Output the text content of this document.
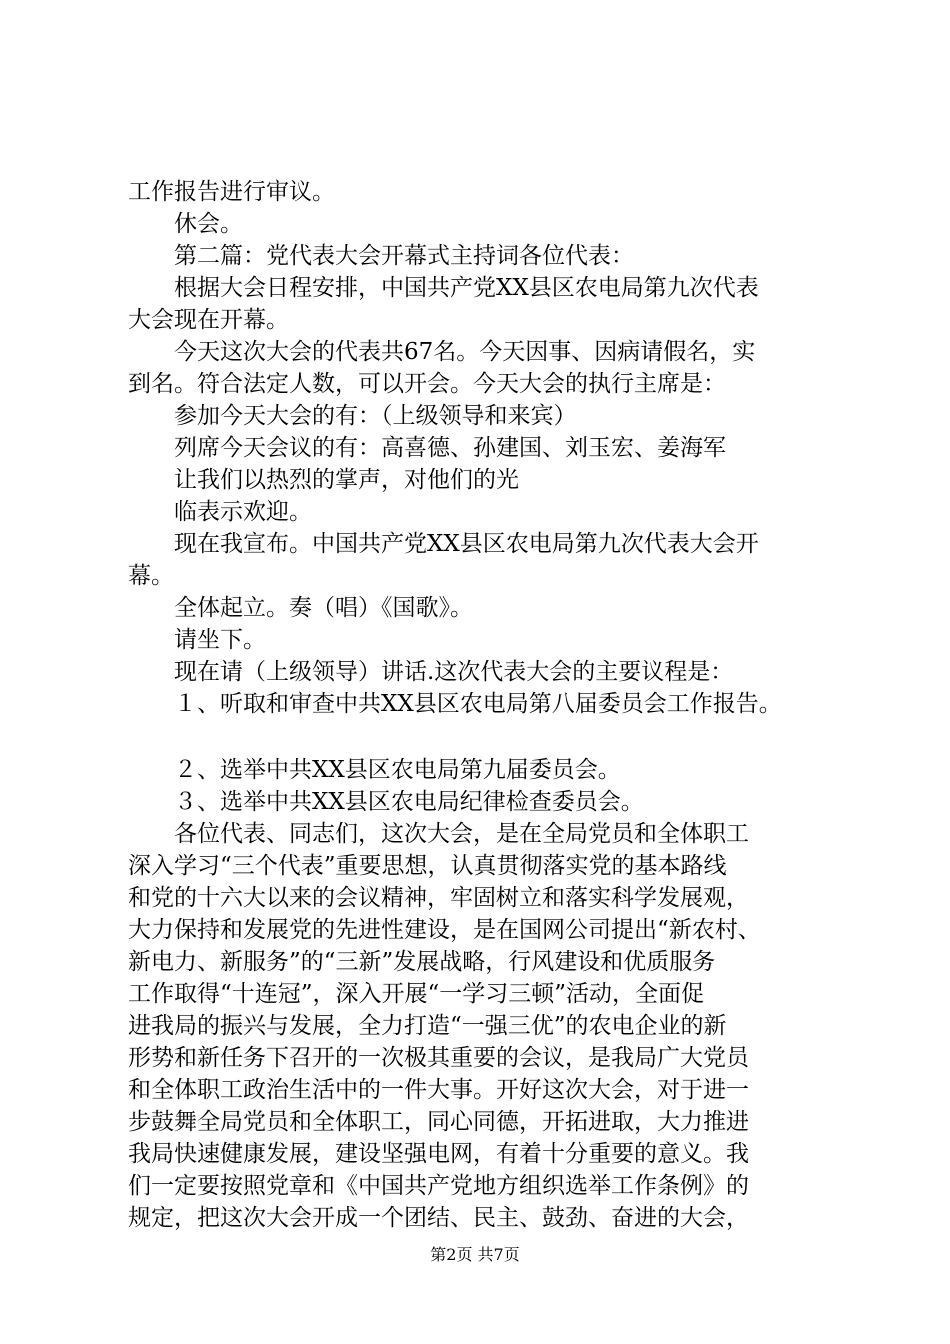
工作报告进行审议。
休会。
第二篇：党代表大会开幕式主持词各位代表：
根据大会日程安排，中国共产党XX县区农电局第九次代表
大会现在开幕。
今天这次大会的代表共67名。今天因事、因病请假名，实
到名。符合法定人数，可以开会。今天大会的执行主席是：
参加今天大会的有：（上级领导和来宾）
列席今天会议的有：高喜德、孙建国、刘玉宏、姜海军
让我们以热烈的掌声，对他们的光
临表示欢迎。
现在我宣布。中国共产党XX县区农电局第九次代表大会开
幕。
全体起立。奏（唱）《国歌》。
请坐下。
现在请（上级领导）讲话.这次代表大会的主要议程是：
１、听取和审查中共XX县区农电局第八届委员会工作报告。
２、选举中共XX县区农电局第九届委员会。
３、选举中共XX县区农电局纪律检查委员会。
各位代表、同志们，这次大会，是在全局党员和全体职工
深入学习“三个代表”重要思想，认真贯彻落实党的基本路线
和党的十六大以来的会议精神，牢固树立和落实科学发展观，
大力保持和发展党的先进性建设，是在国网公司提出“新农村、
新电力、新服务”的“三新”发展战略，行风建设和优质服务
工作取得“十连冠”，深入开展“一学习三顿”活动，全面促
进我局的振兴与发展，全力打造“一强三优”的农电企业的新
形势和新任务下召开的一次极其重要的会议，是我局广大党员
和全体职工政治生活中的一件大事。开好这次大会，对于进一
步鼓舞全局党员和全体职工，同心同德，开拓进取，大力推进
我局快速健康发展，建设坚强电网，有着十分重要的意义。我
们一定要按照党章和《中国共产党地方组织选举工作条例》的
规定，把这次大会开成一个团结、民主、鼓劲、奋进的大会，
第2页 共7页
